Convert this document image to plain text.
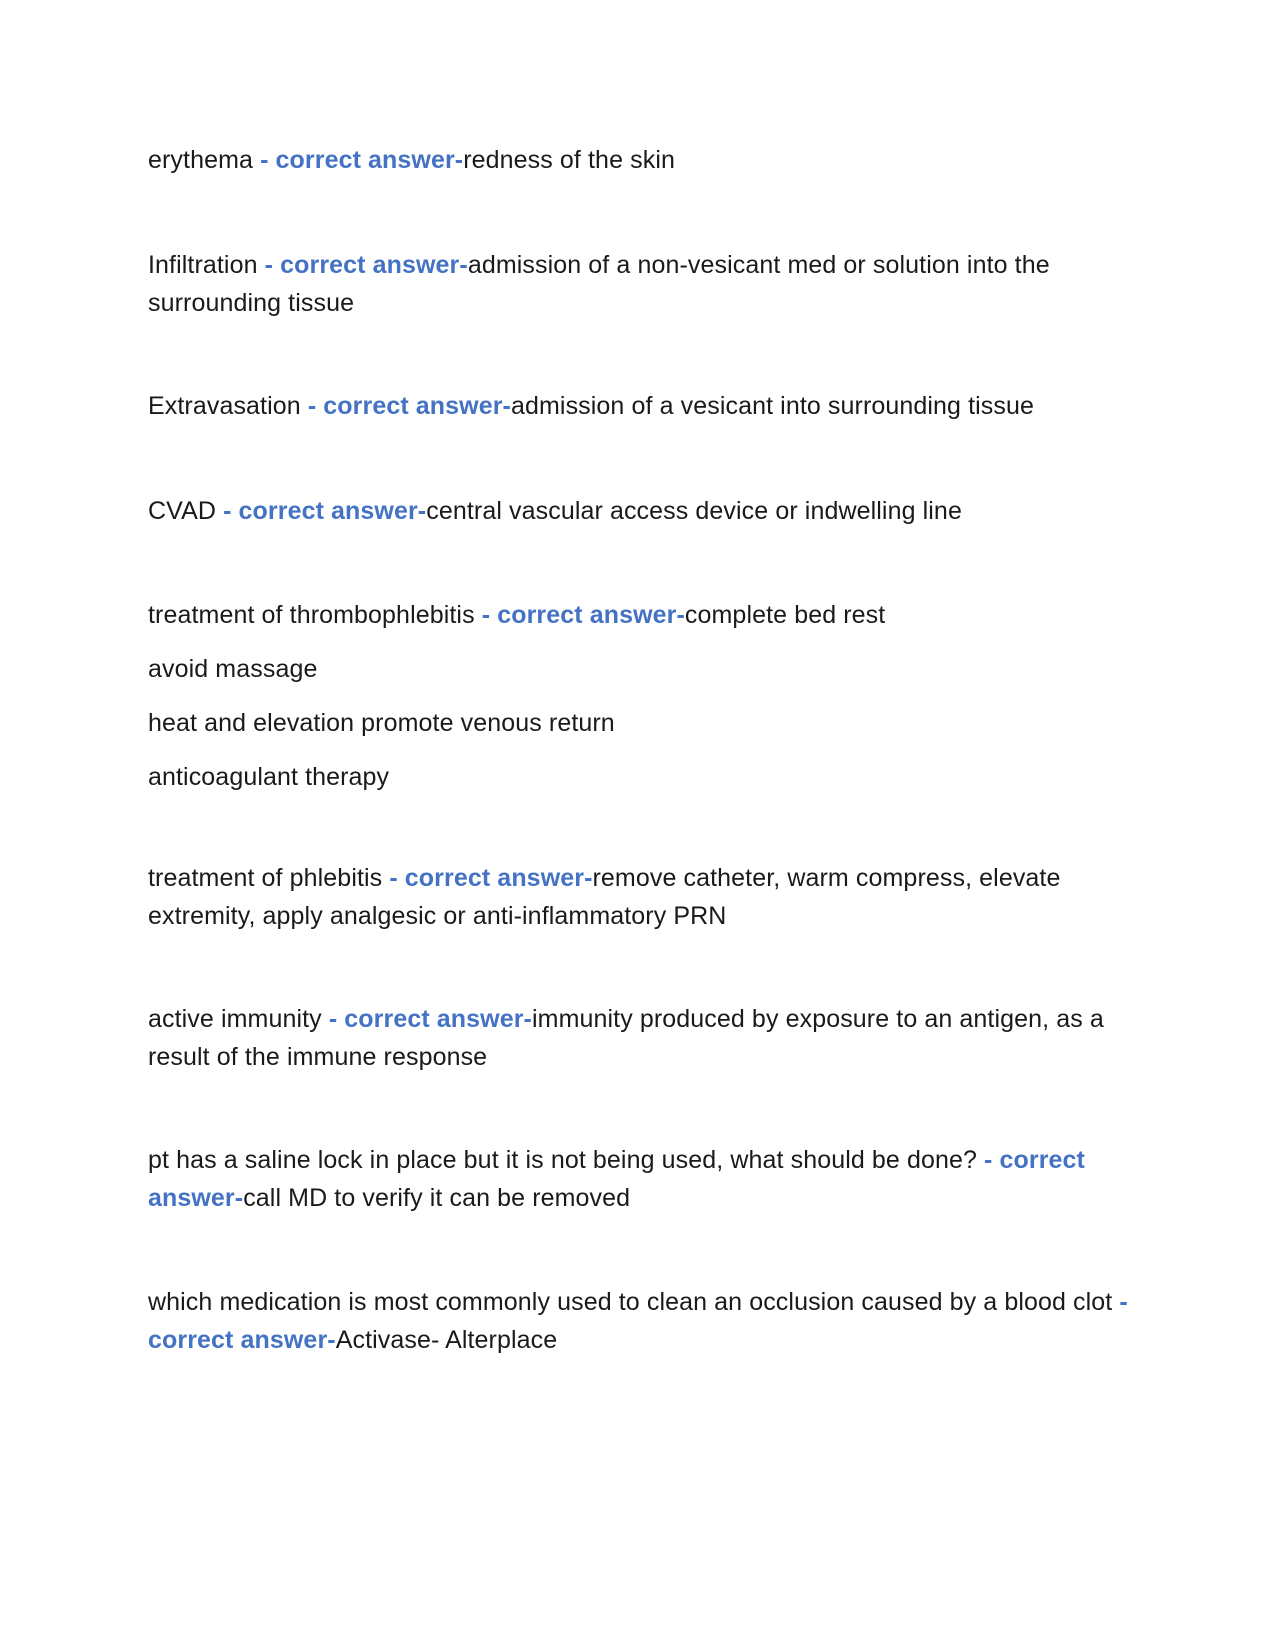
erythema - correct answer-redness of the skin
Infiltration - correct answer-admission of a non-vesicant med or solution into the surrounding tissue
Extravasation - correct answer-admission of a vesicant into surrounding tissue
CVAD - correct answer-central vascular access device or indwelling line
treatment of thrombophlebitis - correct answer-complete bed rest
avoid massage
heat and elevation promote venous return
anticoagulant therapy
treatment of phlebitis - correct answer-remove catheter, warm compress, elevate extremity, apply analgesic or anti-inflammatory PRN
active immunity - correct answer-immunity produced by exposure to an antigen, as a result of the immune response
pt has a saline lock in place but it is not being used, what should be done? - correct answer-call MD to verify it can be removed
which medication is most commonly used to clean an occlusion caused by a blood clot - correct answer-Activase- Alterplace
